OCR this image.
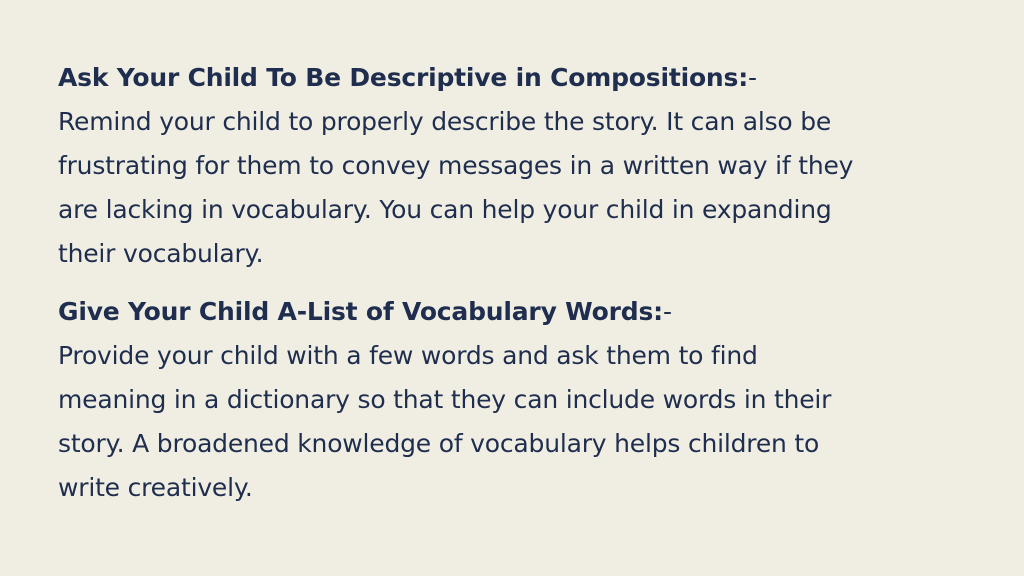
Ask Your Child To Be Descriptive in Compositions:-

Remind your child to properly describe the story. It can also be
frustrating for them to convey messages in a written way if they
are lacking in vocabulary. You can help your child in expanding
their vocabulary.

Give Your Child A-List of Vocabulary Words:-

Provide your child with a few words and ask them to find
meaning in a dictionary so that they can include words in their
story. A broadened knowledge of vocabulary helps children to
write creatively.
